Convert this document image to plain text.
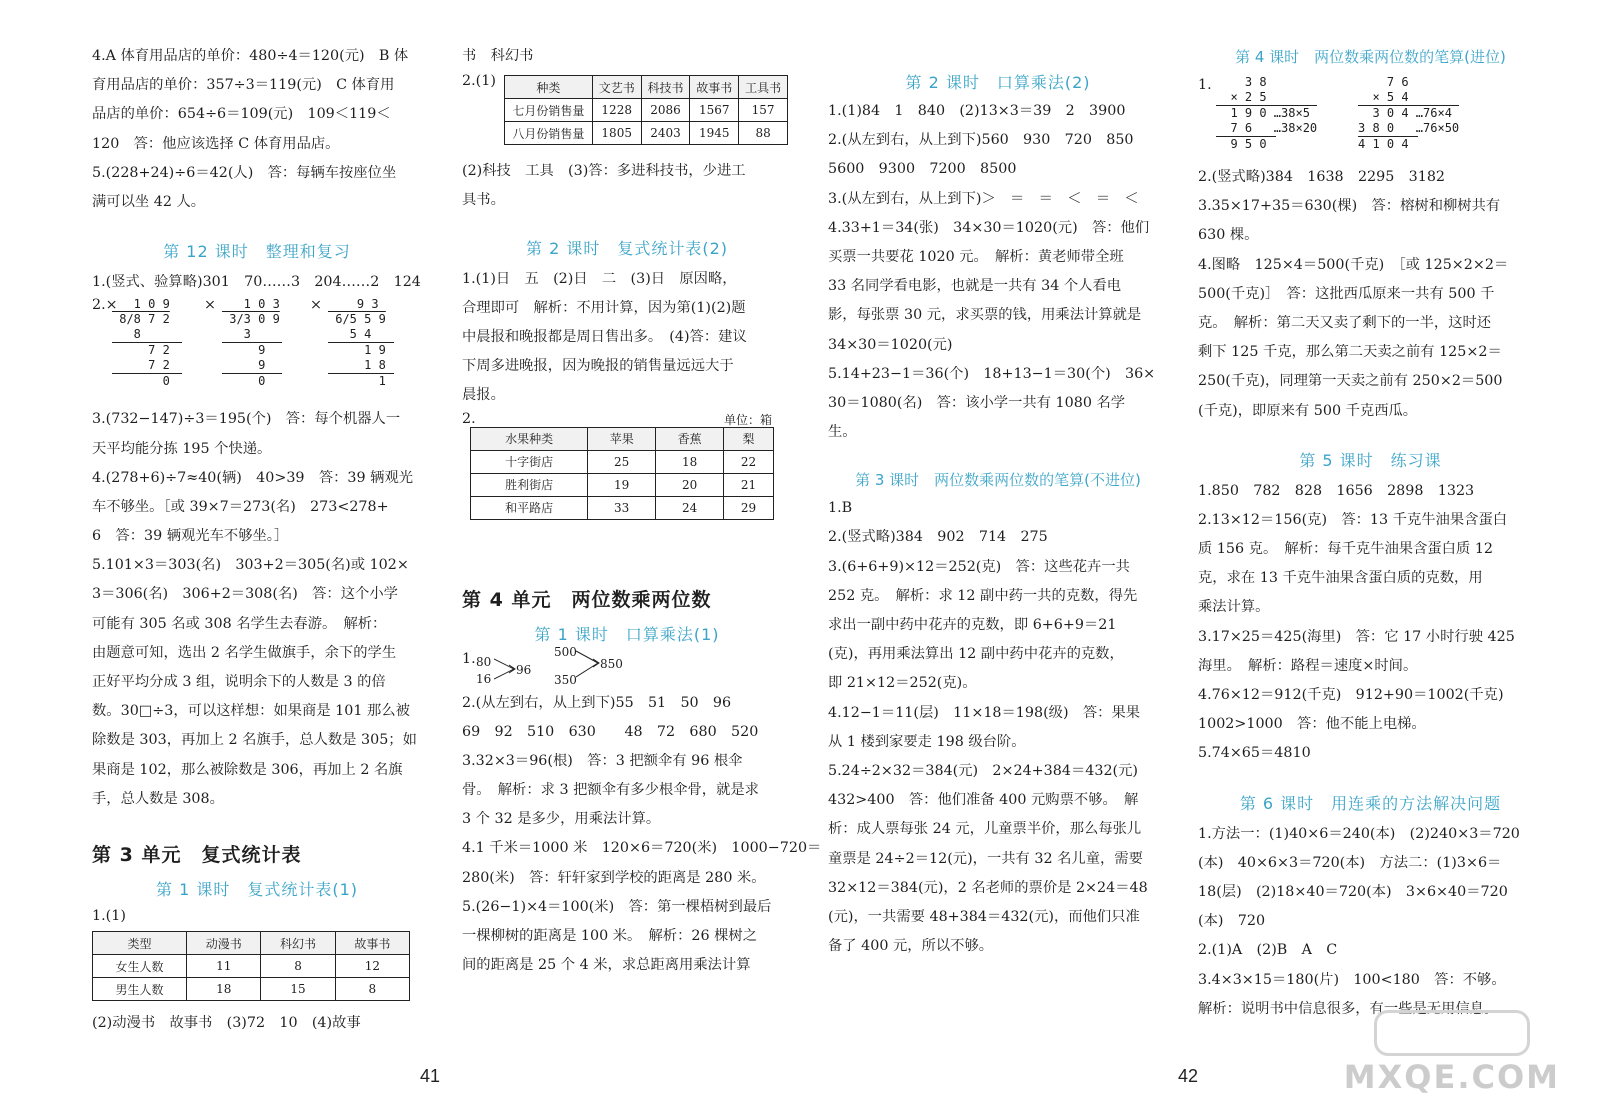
4.A 体育用品店的单价：480÷4＝120(元)　B 体
育用品店的单价：357÷3＝119(元)　C 体育用
品店的单价：654÷6＝109(元)　109＜119＜
120　答：他应该选择 C 体育用品店。
5.(228+24)÷6＝42(人)　答：每辆车按座位坐
满可以坐 42 人。
第 12 课时　整理和复习
1.(竖式、验算略)301　70……3　204……2　124
2.×
1 0 9
8/8 7 2
8
7 2
7 2
0
× 1 0 3
3/3 0 9
3
9
9
0
× 9 3
6/5 5 9
5 4
1 9
1 8
1
3.(732−147)÷3＝195(个)　答：每个机器人一
天平均能分拣 195 个快递。
4.(278+6)÷7≈40(辆)　40>39　答：39 辆观光
车不够坐。［或 39×7＝273(名)　273<278+
6　答：39 辆观光车不够坐。］
5.101×3＝303(名)　303+2＝305(名)或 102×
3＝306(名)　306+2＝308(名)　答：这个小学
可能有 305 名或 308 名学生去春游。　解析：
由题意可知，选出 2 名学生做旗手，余下的学生
正好平均分成 3 组，说明余下的人数是 3 的倍
数。30□÷3，可以这样想：如果商是 101 那么被
除数是 303，再加上 2 名旗手，总人数是 305；如
果商是 102，那么被除数是 306，再加上 2 名旗
手，总人数是 308。
第 3 单元　复式统计表
第 1 课时　复式统计表(1)
1.(1)
类型	动漫书	科幻书	故事书
女生人数	11	8	12
男生人数	18	15	8
(2)动漫书　故事书　(3)72　10　(4)故事
书　科幻书
2.(1)	种类	文艺书	科技书	故事书	工具书
七月份销售量	1228	2086	1567	157
八月份销售量	1805	2403	1945	88
(2)科技　工具　(3)答：多进科技书，少进工
具书。
第 2 课时　复式统计表(2)
1.(1)日　五　(2)日　二　(3)日　原因略，
合理即可　解析：不用计算，因为第(1)(2)题
中晨报和晚报都是周日售出多。　(4)答：建议
下周多进晚报，因为晚报的销售量远远大于
晨报。
2.	单位：箱
水果种类	苹果	香蕉	梨
十字街店	25	18	22
胜利街店	19	20	21
和平路店	33	24	29
第 4 单元　两位数乘两位数
第 1 课时　口算乘法(1)
1. 80
16
96
500
350
850
2.(从左到右，从上到下)55　51　50　96
69　92　510　630　　48　72　680　520
3.32×3＝96(根)　答：3 把额伞有 96 根伞
骨。　解析：求 3 把额伞有多少根伞骨，就是求
3 个 32 是多少，用乘法计算。
4.1 千米＝1000 米　120×6＝720(米)　1000−720＝
280(米)　答：轩轩家到学校的距离是 280 米。
5.(26−1)×4＝100(米)　答：第一棵梧树到最后
一棵柳树的距离是 100 米。　解析：26 棵树之
间的距离是 25 个 4 米，求总距离用乘法计算
第 2 课时　口算乘法(2)
1.(1)84　1　840　(2)13×3＝39　2　3900
2.(从左到右，从上到下)560　930　720　850
5600　9300　7200　8500
3.(从左到右，从上到下)＞　＝　＝　＜　＝　＜
4.33+1＝34(张)　34×30＝1020(元)　答：他们
买票一共要花 1020 元。　解析：黄老师带全班
33 名同学看电影，也就是一共有 34 个人看电
影，每张票 30 元，求买票的钱，用乘法计算就是
34×30＝1020(元)
5.14+23−1＝36(个)　18+13−1＝30(个)　36×
30＝1080(名)　答：该小学一共有 1080 名学
生。
第 3 课时　两位数乘两位数的笔算(不进位)
1.B
2.(竖式略)384　902　714　275
3.(6+6+9)×12＝252(克)　答：这些花卉一共
252 克。　解析：求 12 副中药一共的克数，得先
求出一副中药中花卉的克数，即 6+6+9＝21
(克)，再用乘法算出 12 副中药中花卉的克数，
即 21×12＝252(克)。
4.12−1＝11(层)　11×18＝198(级)　答：果果
从 1 楼到家要走 198 级台阶。
5.24÷2×32＝384(元)　2×24+384＝432(元)
432>400　答：他们准备 400 元购票不够。　解
析：成人票每张 24 元，儿童票半价，那么每张儿
童票是 24÷2＝12(元)，一共有 32 名儿童，需要
32×12＝384(元)，2 名老师的票价是 2×24＝48
(元)，一共需要 48+384＝432(元)，而他们只准
备了 400 元，所以不够。
第 4 课时　两位数乘两位数的笔算(进位)
1. 3 8
× 2 5
1 9 0 …38×5
7 6   …38×20
9 5 0
7 6
× 5 4
3 0 4 …76×4
3 8 0   …76×50
4 1 0 4
2.(竖式略)384　1638　2295　3182
3.35×17+35＝630(棵)　答：榕树和柳树共有
630 棵。
4.图略　125×4＝500(千克)　［或 125×2×2＝
500(千克)］　答：这批西瓜原来一共有 500 千
克。　解析：第二天又卖了剩下的一半，这时还
剩下 125 千克，那么第二天卖之前有 125×2＝
250(千克)，同理第一天卖之前有 250×2＝500
(千克)，即原来有 500 千克西瓜。
第 5 课时　练习课
1.850　782　828　1656　2898　1323
2.13×12＝156(克)　答：13 千克牛油果含蛋白
质 156 克。　解析：每千克牛油果含蛋白质 12
克，求在 13 千克牛油果含蛋白质的克数，用
乘法计算。
3.17×25＝425(海里)　答：它 17 小时行驶 425
海里。　解析：路程＝速度×时间。
4.76×12＝912(千克)　912+90＝1002(千克)
1002>1000　答：他不能上电梯。
5.74×65＝4810
第 6 课时　用连乘的方法解决问题
1.方法一：(1)40×6＝240(本)　(2)240×3＝720
(本)　40×6×3＝720(本)　方法二：(1)3×6＝
18(层)　(2)18×40＝720(本)　3×6×40＝720
(本)　720
2.(1)A　(2)B　A　C
3.4×3×15＝180(片)　100<180　答：不够。
解析：说明书中信息很多，有一些是无用信息。
41	42	MXQE.COM
